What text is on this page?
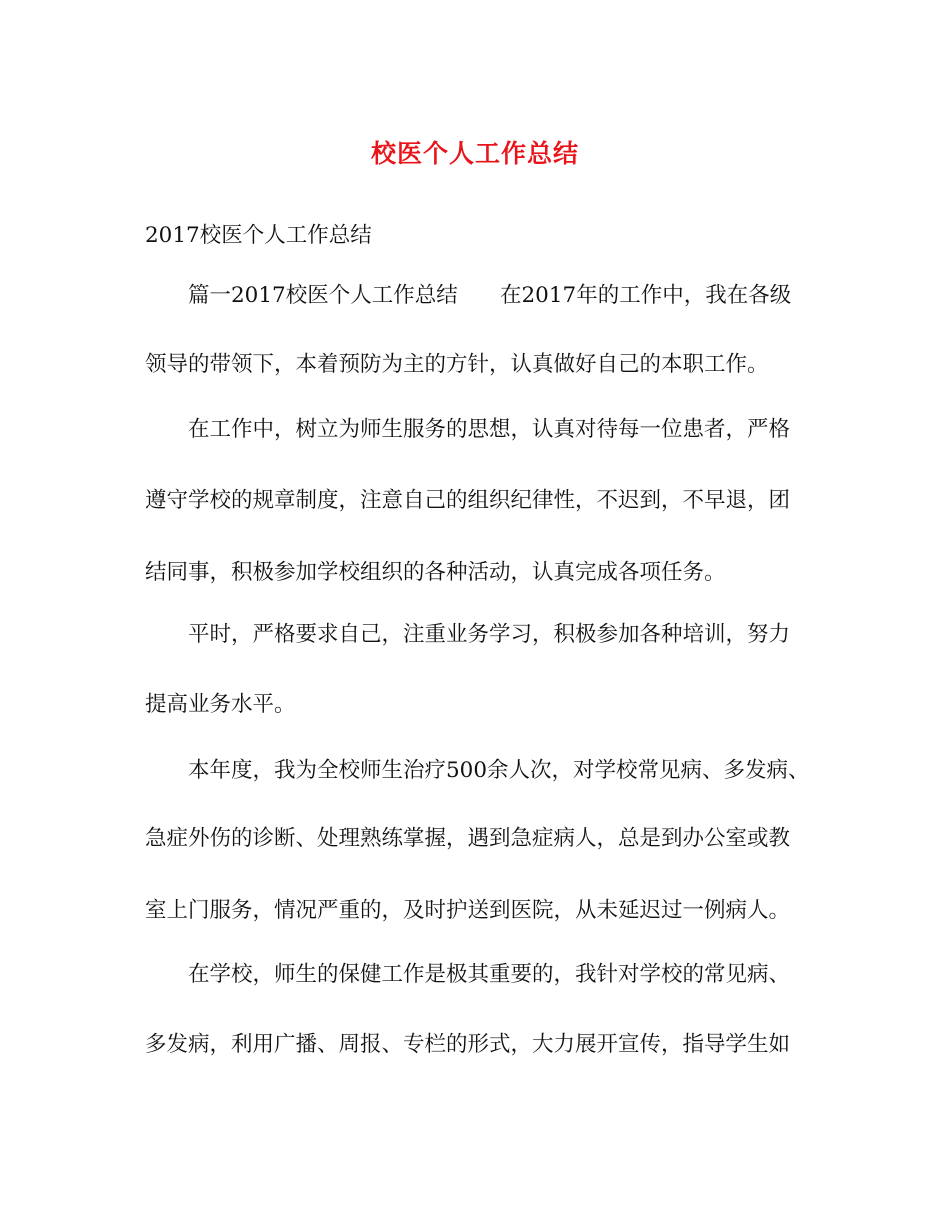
校医个人工作总结
2017校医个人工作总结
篇一2017校医个人工作总结 在2017年的工作中，我在各级
领导的带领下，本着预防为主的方针，认真做好自己的本职工作。
在工作中，树立为师生服务的思想，认真对待每一位患者，严格
遵守学校的规章制度，注意自己的组织纪律性，不迟到，不早退，团
结同事，积极参加学校组织的各种活动，认真完成各项任务。
平时，严格要求自己，注重业务学习，积极参加各种培训，努力
提高业务水平。
本年度，我为全校师生治疗500余人次，对学校常见病、多发病、
急症外伤的诊断、处理熟练掌握，遇到急症病人，总是到办公室或教
室上门服务，情况严重的，及时护送到医院，从未延迟过一例病人。
在学校，师生的保健工作是极其重要的，我针对学校的常见病、
多发病，利用广播、周报、专栏的形式，大力展开宣传，指导学生如
